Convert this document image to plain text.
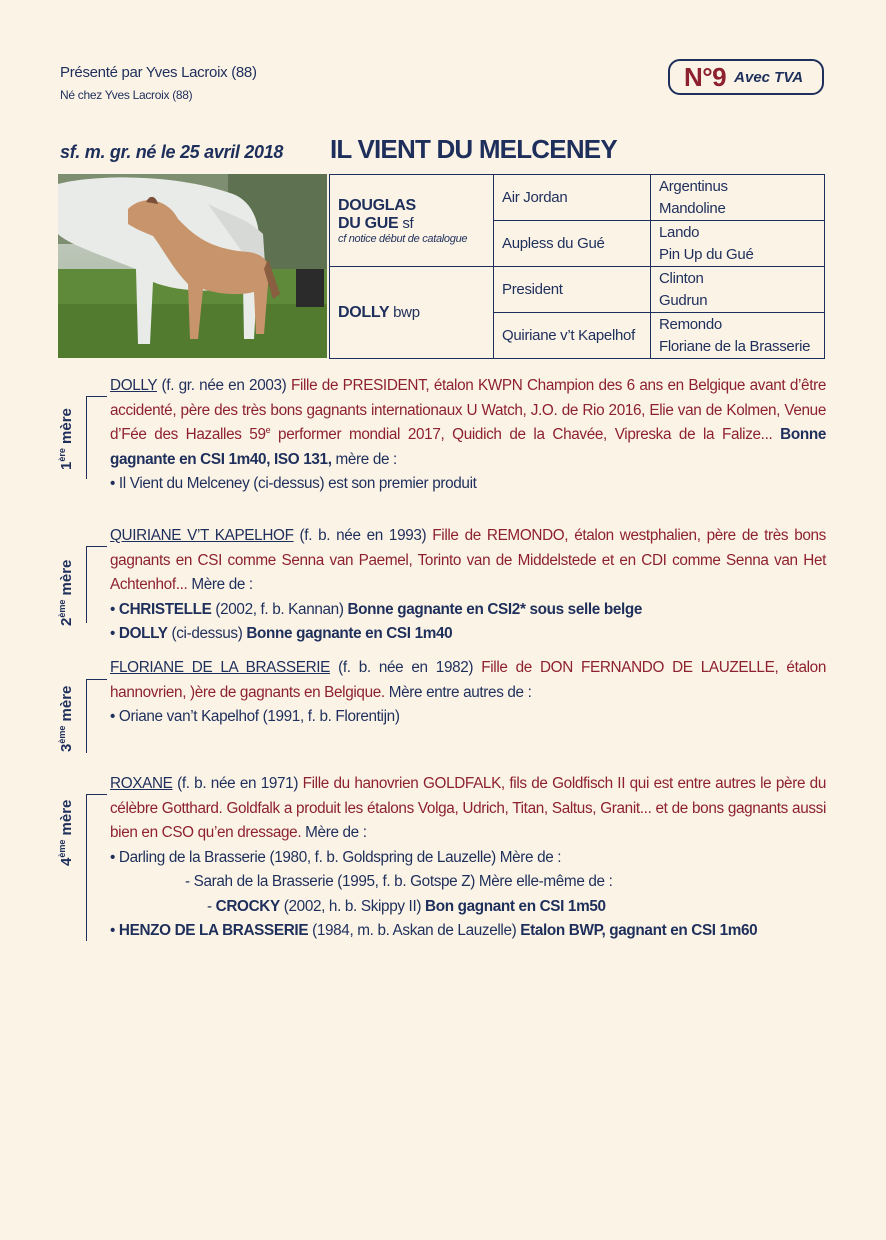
Présenté par Yves Lacroix (88)
Né chez Yves Lacroix (88)
N°9 Avec TVA
sf. m. gr. né le 25 avril 2018 IL VIENT DU MELCENEY
DOUGLAS
DU GUE sf
cf notice début de catalogue	Air Jordan	Argentinus
Mandoline
	Aupless du Gué	Lando
Pin Up du Gué
DOLLY bwp	President	Clinton
Gudrun
	Quiriane v’t Kapelhof	Remondo
Floriane de la Brasserie
1ère mère

DOLLY (f. gr. née en 2003) Fille de PRESIDENT, étalon KWPN Champion des 6 ans en Belgique avant d’être accidenté, père des très bons gagnants internationaux U Watch, J.O. de Rio 2016, Elie van de Kolmen, Venue d’Fée des Hazalles 59e performer mondial 2017, Quidich de la Chavée, Vipreska de la Falize... Bonne gagnante en CSI 1m40, ISO 131, mère de :

• Il Vient du Melceney (ci-dessus) est son premier produit

2ème mère

QUIRIANE V’T KAPELHOF (f. b. née en 1993) Fille de REMONDO, étalon westphalien, père de très bons gagnants en CSI comme Senna van Paemel, Torinto van de Middelstede et en CDI comme Senna van Het Achtenhof... Mère de :

• CHRISTELLE (2002, f. b. Kannan) Bonne gagnante en CSI2* sous selle belge

• DOLLY (ci-dessus) Bonne gagnante en CSI 1m40

3ème mère

FLORIANE DE LA BRASSERIE (f. b. née en 1982) Fille de DON FERNANDO DE LAUZELLE, étalon hannovrien, )ère de gagnants en Belgique. Mère entre autres de :

• Oriane van’t Kapelhof (1991, f. b. Florentijn)

4ème mère

ROXANE (f. b. née en 1971) Fille du hanovrien GOLDFALK, fils de Goldfisch II qui est entre autres le père du célèbre Gotthard. Goldfalk a produit les étalons Volga, Udrich, Titan, Saltus, Granit... et de bons gagnants aussi bien en CSO qu’en dressage. Mère de :

• Darling de la Brasserie (1980, f. b. Goldspring de Lauzelle) Mère de :

- Sarah de la Brasserie (1995, f. b. Gotspe Z) Mère elle-même de :

- CROCKY (2002, h. b. Skippy II) Bon gagnant en CSI 1m50

• HENZO DE LA BRASSERIE (1984, m. b. Askan de Lauzelle) Etalon BWP, gagnant en CSI 1m60
